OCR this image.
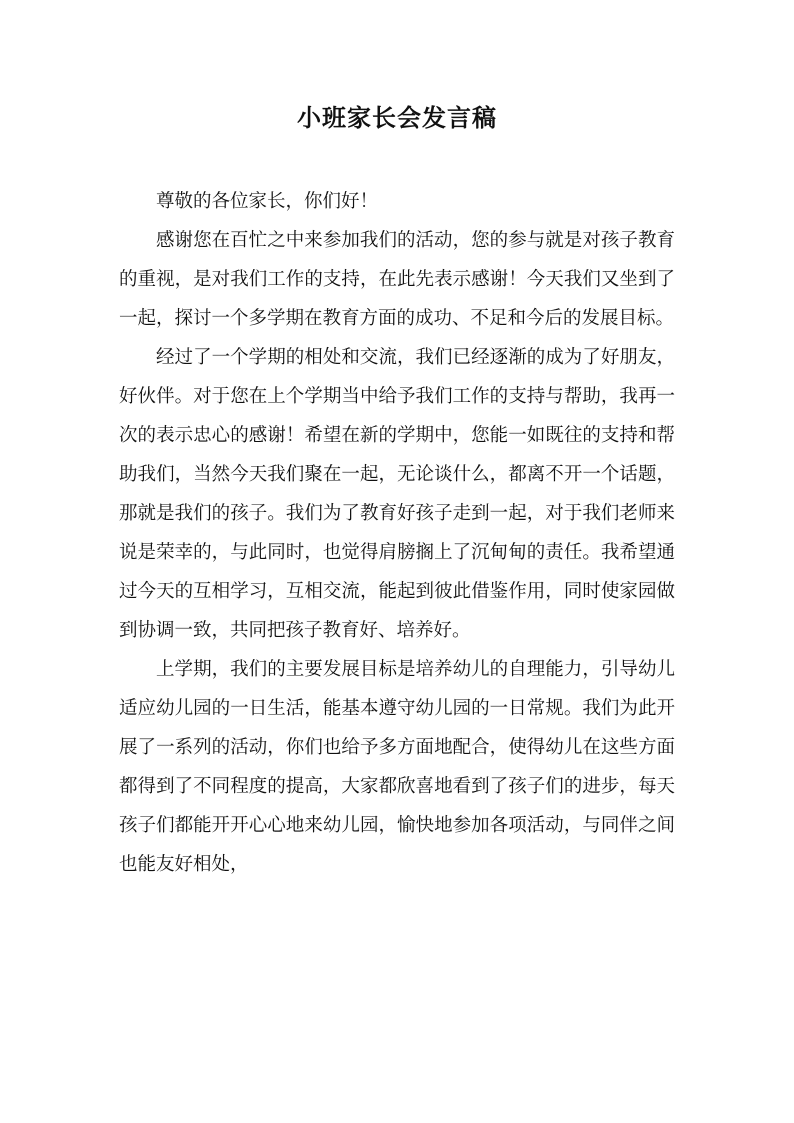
小班家长会发言稿

尊敬的各位家长，你们好！

感谢您在百忙之中来参加我们的活动，您的参与就是对孩子教育的重视，是对我们工作的支持，在此先表示感谢！今天我们又坐到了一起，探讨一个多学期在教育方面的成功、不足和今后的发展目标。

经过了一个学期的相处和交流，我们已经逐渐的成为了好朋友，好伙伴。对于您在上个学期当中给予我们工作的支持与帮助，我再一次的表示忠心的感谢！希望在新的学期中，您能一如既往的支持和帮助我们，当然今天我们聚在一起，无论谈什么，都离不开一个话题，那就是我们的孩子。我们为了教育好孩子走到一起，对于我们老师来说是荣幸的，与此同时，也觉得肩膀搁上了沉甸甸的责任。我希望通过今天的互相学习，互相交流，能起到彼此借鉴作用，同时使家园做到协调一致，共同把孩子教育好、培养好。

上学期，我们的主要发展目标是培养幼儿的自理能力，引导幼儿适应幼儿园的一日生活，能基本遵守幼儿园的一日常规。我们为此开展了一系列的活动，你们也给予多方面地配合，使得幼儿在这些方面都得到了不同程度的提高，大家都欣喜地看到了孩子们的进步，每天孩子们都能开开心心地来幼儿园，愉快地参加各项活动，与同伴之间也能友好相处，
